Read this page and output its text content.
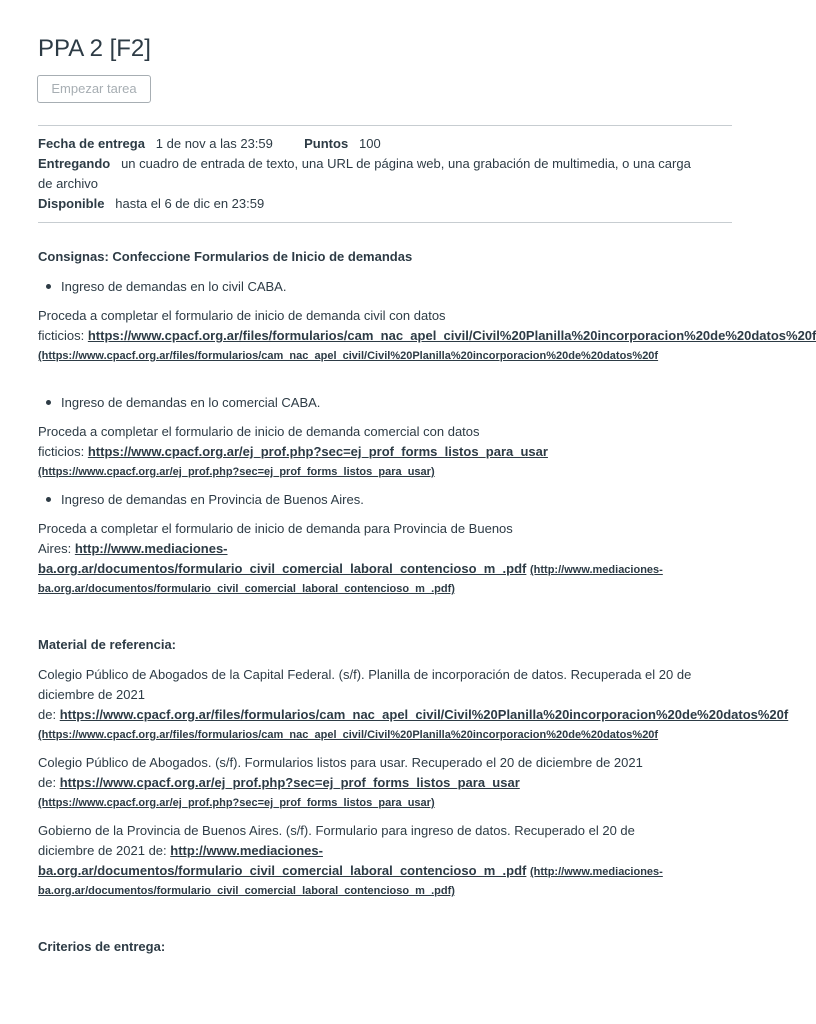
PPA 2 [F2]
Empezar tarea
Fecha de entrega 1 de nov a las 23:59 Puntos 100
Entregando un cuadro de entrada de texto, una URL de página web, una grabación de multimedia, o una carga
de archivo
Disponible hasta el 6 de dic en 23:59
Consignas: Confeccione Formularios de Inicio de demandas
Ingreso de demandas en lo civil CABA.
Proceda a completar el formulario de inicio de demanda civil con datos
ficticios: https://www.cpacf.org.ar/files/formularios/cam_nac_apel_civil/Civil%20Planilla%20incorporacion%20de%20datos%20f
(https://www.cpacf.org.ar/files/formularios/cam_nac_apel_civil/Civil%20Planilla%20incorporacion%20de%20datos%20f
Ingreso de demandas en lo comercial CABA.
Proceda a completar el formulario de inicio de demanda comercial con datos
ficticios: https://www.cpacf.org.ar/ej_prof.php?sec=ej_prof_forms_listos_para_usar
(https://www.cpacf.org.ar/ej_prof.php?sec=ej_prof_forms_listos_para_usar)
Ingreso de demandas en Provincia de Buenos Aires.
Proceda a completar el formulario de inicio de demanda para Provincia de Buenos
Aires: http://www.mediaciones-
ba.org.ar/documentos/formulario_civil_comercial_laboral_contencioso_m_.pdf (http://www.mediaciones-
ba.org.ar/documentos/formulario_civil_comercial_laboral_contencioso_m_.pdf)
Material de referencia:
Colegio Público de Abogados de la Capital Federal. (s/f). Planilla de incorporación de datos. Recuperada el 20 de
diciembre de 2021
de: https://www.cpacf.org.ar/files/formularios/cam_nac_apel_civil/Civil%20Planilla%20incorporacion%20de%20datos%20f
(https://www.cpacf.org.ar/files/formularios/cam_nac_apel_civil/Civil%20Planilla%20incorporacion%20de%20datos%20f
Colegio Público de Abogados. (s/f). Formularios listos para usar. Recuperado el 20 de diciembre de 2021
de: https://www.cpacf.org.ar/ej_prof.php?sec=ej_prof_forms_listos_para_usar
(https://www.cpacf.org.ar/ej_prof.php?sec=ej_prof_forms_listos_para_usar)
Gobierno de la Provincia de Buenos Aires. (s/f). Formulario para ingreso de datos. Recuperado el 20 de
diciembre de 2021 de: http://www.mediaciones-
ba.org.ar/documentos/formulario_civil_comercial_laboral_contencioso_m_.pdf (http://www.mediaciones-
ba.org.ar/documentos/formulario_civil_comercial_laboral_contencioso_m_.pdf)
Criterios de entrega:
